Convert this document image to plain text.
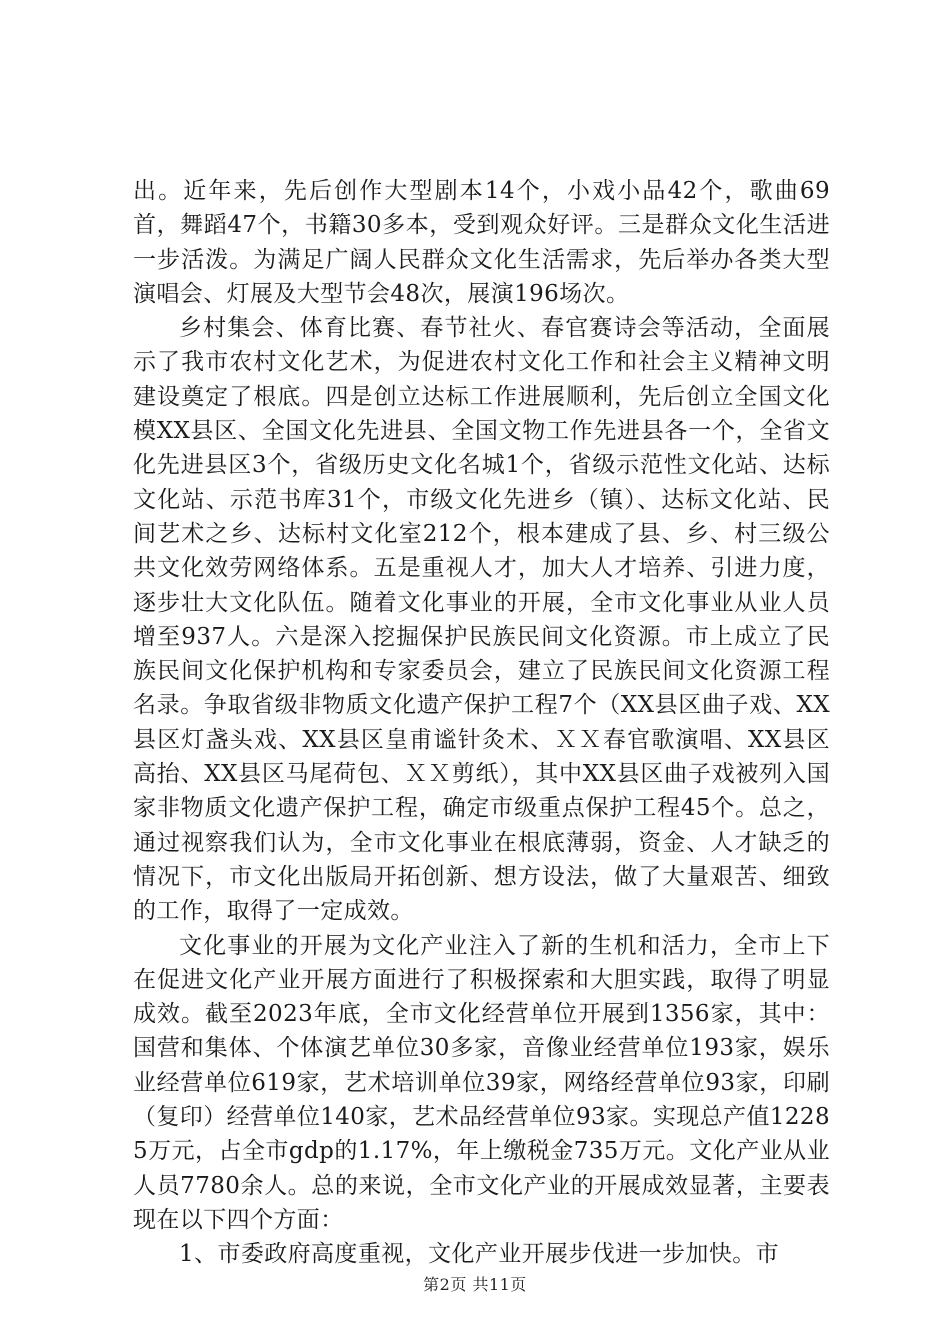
出。近年来，先后创作大型剧本14个，小戏小品42个，歌曲69首，舞蹈47个，书籍30多本，受到观众好评。三是群众文化生活进一步活泼。为满足广阔人民群众文化生活需求，先后举办各类大型演唱会、灯展及大型节会48次，展演196场次。

乡村集会、体育比赛、春节社火、春官赛诗会等活动，全面展示了我市农村文化艺术，为促进农村文化工作和社会主义精神文明建设奠定了根底。四是创立达标工作进展顺利，先后创立全国文化模XX县区、全国文化先进县、全国文物工作先进县各一个，全省文化先进县区3个，省级历史文化名城1个，省级示范性文化站、达标文化站、示范书库31个，市级文化先进乡（镇）、达标文化站、民间艺术之乡、达标村文化室212个，根本建成了县、乡、村三级公共文化效劳网络体系。五是重视人才，加大人才培养、引进力度，逐步壮大文化队伍。随着文化事业的开展，全市文化事业从业人员增至937人。六是深入挖掘保护民族民间文化资源。市上成立了民族民间文化保护机构和专家委员会，建立了民族民间文化资源工程名录。争取省级非物质文化遗产保护工程7个（XX县区曲子戏、XX县区灯盏头戏、XX县区皇甫谧针灸术、ＸＸ春官歌演唱、XX县区高抬、XX县区马尾荷包、ＸＸ剪纸），其中XX县区曲子戏被列入国家非物质文化遗产保护工程，确定市级重点保护工程45个。总之，通过视察我们认为，全市文化事业在根底薄弱，资金、人才缺乏的情况下，市文化出版局开拓创新、想方设法，做了大量艰苦、细致的工作，取得了一定成效。

文化事业的开展为文化产业注入了新的生机和活力，全市上下在促进文化产业开展方面进行了积极探索和大胆实践，取得了明显成效。截至2023年底，全市文化经营单位开展到1356家，其中：国营和集体、个体演艺单位30多家，音像业经营单位193家，娱乐业经营单位619家，艺术培训单位39家，网络经营单位93家，印刷（复印）经营单位140家，艺术品经营单位93家。实现总产值12285万元，占全市gdp的1.17%，年上缴税金735万元。文化产业从业人员7780余人。总的来说，全市文化产业的开展成效显著，主要表现在以下四个方面：

1、市委政府高度重视，文化产业开展步伐进一步加快。市

第2页 共11页
